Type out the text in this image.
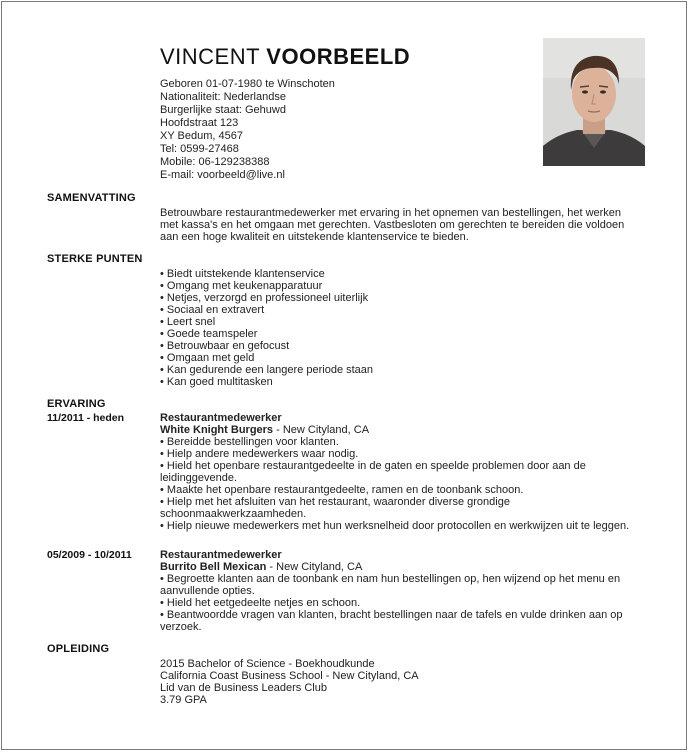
VINCENT VOORBEELD
Geboren 01-07-1980 te Winschoten
Nationaliteit: Nederlandse
Burgerlijke staat: Gehuwd
Hoofdstraat 123
XY Bedum, 4567
Tel: 0599-27468
Mobile: 06-129238388
E-mail: voorbeeld@live.nl
SAMENVATTING
Betrouwbare restaurantmedewerker met ervaring in het opnemen van bestellingen, het werken met kassa's en het omgaan met gerechten. Vastbesloten om gerechten te bereiden die voldoen aan een hoge kwaliteit en uitstekende klantenservice te bieden.
STERKE PUNTEN
• Biedt uitstekende klantenservice
• Omgang met keukenapparatuur
• Netjes, verzorgd en professioneel uiterlijk
• Sociaal en extravert
• Leert snel
• Goede teamspeler
• Betrouwbaar en gefocust
• Omgaan met geld
• Kan gedurende een langere periode staan
• Kan goed multitasken
ERVARING
11/2011 - heden	Restaurantmedewerker
White Knight Burgers - New Cityland, CA
• Bereidde bestellingen voor klanten.
• Hielp andere medewerkers waar nodig.
• Hield het openbare restaurantgedeelte in de gaten en speelde problemen door aan de leidinggevende.
• Maakte het openbare restaurantgedeelte, ramen en de toonbank schoon.
• Hielp met het afsluiten van het restaurant, waaronder diverse grondige schoonmaakwerkzaamheden.
• Hielp nieuwe medewerkers met hun werksnelheid door protocollen en werkwijzen uit te leggen.
05/2009 - 10/2011	Restaurantmedewerker
Burrito Bell Mexican - New Cityland, CA
• Begroette klanten aan de toonbank en nam hun bestellingen op, hen wijzend op het menu en aanvullende opties.
• Hield het eetgedeelte netjes en schoon.
• Beantwoordde vragen van klanten, bracht bestellingen naar de tafels en vulde drinken aan op verzoek.
OPLEIDING
2015 Bachelor of Science - Boekhoudkunde
California Coast Business School - New Cityland, CA
Lid van de Business Leaders Club
3.79 GPA
